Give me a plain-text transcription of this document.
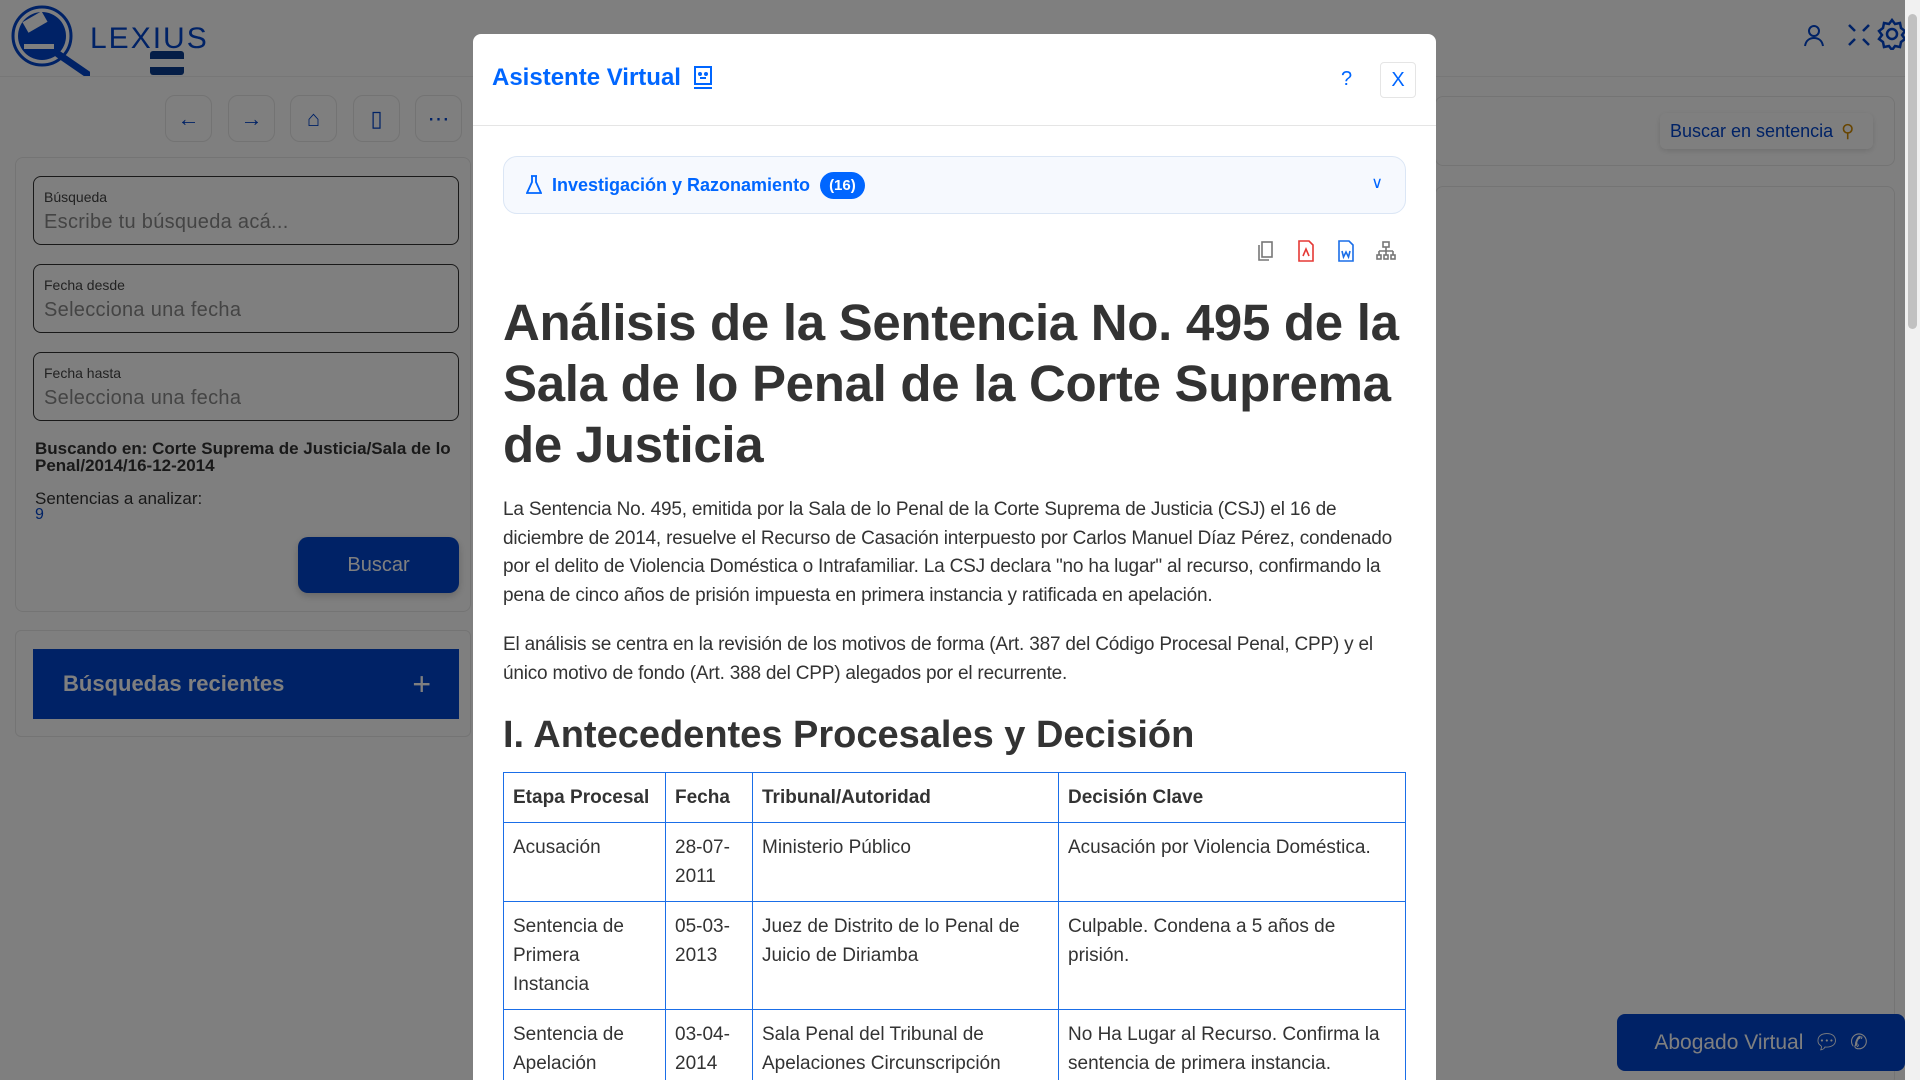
Asistente Virtual	?	X
Investigación y Razonamiento	(16)	∨
Análisis de la Sentencia No. 495 de la Sala de lo Penal de la Corte Suprema de Justicia

La Sentencia No. 495, emitida por la Sala de lo Penal de la Corte Suprema de Justicia (CSJ) el 16 de diciembre de 2014, resuelve el Recurso de Casación interpuesto por Carlos Manuel Díaz Pérez, condenado por el delito de Violencia Doméstica o Intrafamiliar. La CSJ declara "no ha lugar" al recurso, confirmando la pena de cinco años de prisión impuesta en primera instancia y ratificada en apelación.

El análisis se centra en la revisión de los motivos de forma (Art. 387 del Código Procesal Penal, CPP) y el único motivo de fondo (Art. 388 del CPP) alegados por el recurrente.

I. Antecedentes Procesales y Decisión
Etapa Procesal	Fecha	Tribunal/Autoridad	Decisión Clave
Acusación	28-07-2011	Ministerio Público	Acusación por Violencia Doméstica.
Sentencia de Primera Instancia	05-03-2013	Juez de Distrito de lo Penal de Juicio de Diriamba	Culpable. Condena a 5 años de prisión.
Sentencia de Apelación	03-04-2014	Sala Penal del Tribunal de Apelaciones Circunscripción	No Ha Lugar al Recurso. Confirma la sentencia de primera instancia.
